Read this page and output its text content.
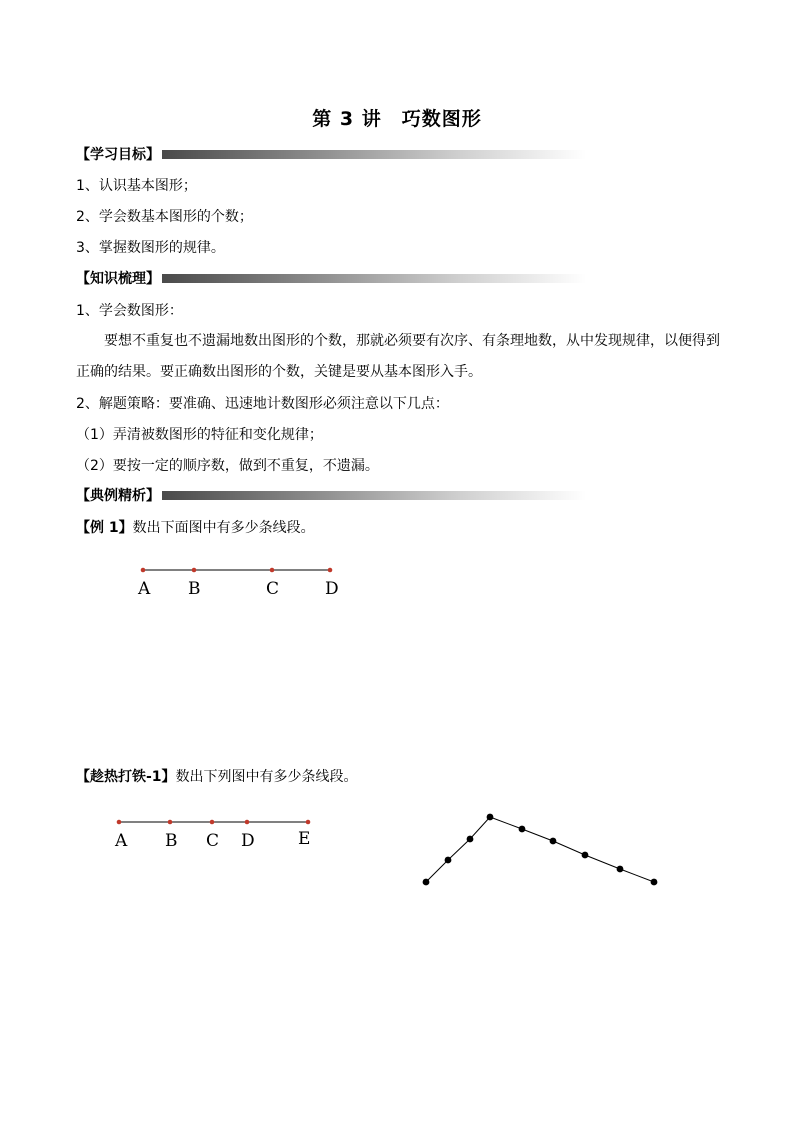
第 3 讲　巧数图形
【学习目标】
1、认识基本图形；
2、学会数基本图形的个数；
3、掌握数图形的规律。
【知识梳理】
1、学会数图形：
要想不重复也不遗漏地数出图形的个数，那就必须要有次序、有条理地数，从中发现规律，以便得到正确的结果。要正确数出图形的个数，关键是要从基本图形入手。
2、解题策略：要准确、迅速地计数图形必须注意以下几点：
（1）弄清被数图形的特征和变化规律；
（2）要按一定的顺序数，做到不重复，不遗漏。
【典例精析】
【例 1】数出下面图中有多少条线段。
A B	C	D
【趁热打铁-1】数出下列图中有多少条线段。
A B C D	E
